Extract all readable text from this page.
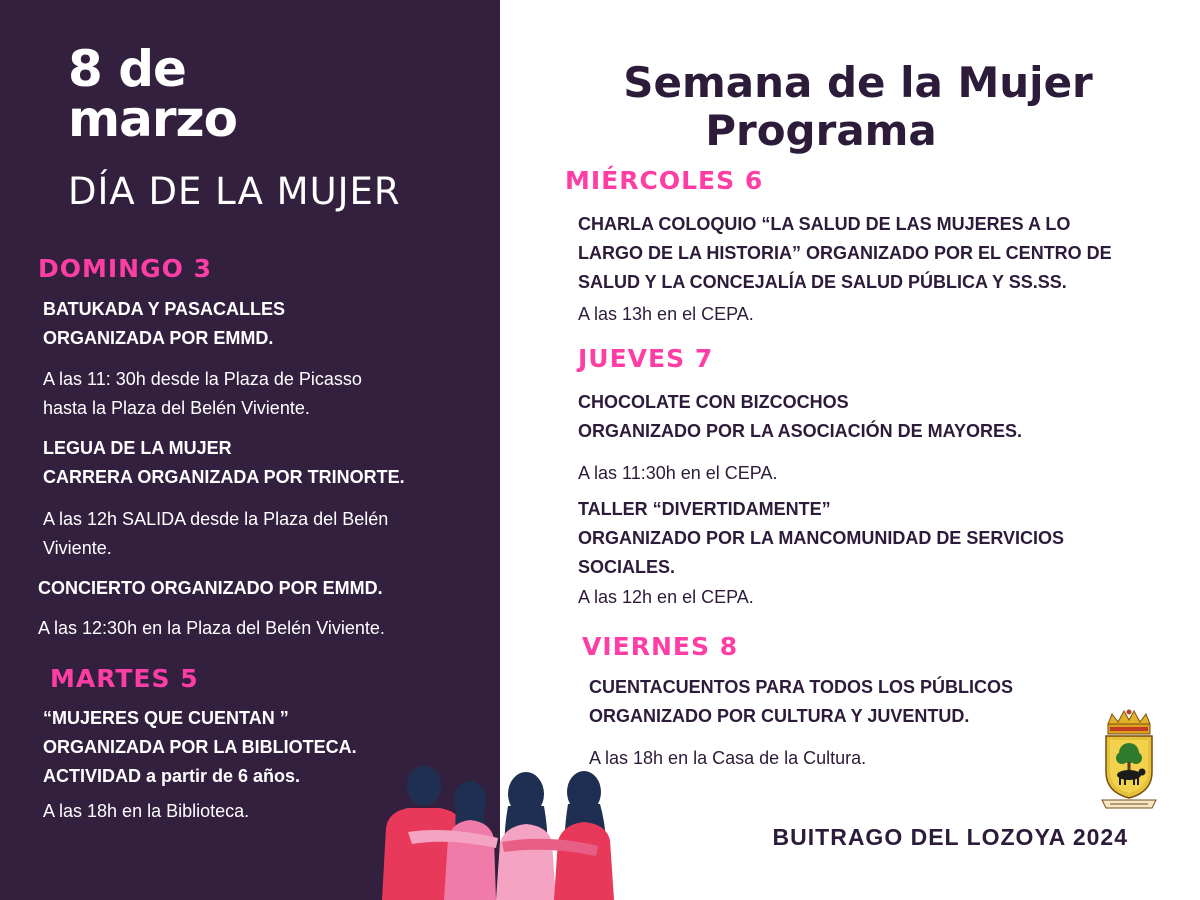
8 de
marzo
DÍA DE LA MUJER
DOMINGO 3
BATUKADA Y PASACALLES
ORGANIZADA POR EMMD.
A las 11: 30h desde la Plaza de Picasso
hasta la Plaza del Belén Viviente.
LEGUA DE LA MUJER
CARRERA ORGANIZADA POR TRINORTE.
A las 12h SALIDA desde la Plaza del Belén
Viviente.
CONCIERTO ORGANIZADO POR EMMD.
A las 12:30h en la Plaza del Belén Viviente.
MARTES 5
“MUJERES QUE CUENTAN ”
ORGANIZADA POR LA BIBLIOTECA.
ACTIVIDAD a partir de 6 años.
A las 18h en la Biblioteca.
Semana de la Mujer
Programa
MIÉRCOLES 6
CHARLA COLOQUIO “LA SALUD DE LAS MUJERES A LO
LARGO DE LA HISTORIA” ORGANIZADO POR EL CENTRO DE
SALUD Y LA CONCEJALÍA DE SALUD PÚBLICA Y SS.SS.
A las 13h en el CEPA.
JUEVES 7
CHOCOLATE CON BIZCOCHOS
ORGANIZADO POR LA ASOCIACIÓN DE MAYORES.
A las 11:30h en el CEPA.
TALLER “DIVERTIDAMENTE”
ORGANIZADO POR LA MANCOMUNIDAD DE SERVICIOS
SOCIALES.
A las 12h en el CEPA.
VIERNES 8
CUENTACUENTOS PARA TODOS LOS PÚBLICOS
ORGANIZADO POR CULTURA Y JUVENTUD.
A las 18h en la Casa de la Cultura.
BUITRAGO DEL LOZOYA 2024
